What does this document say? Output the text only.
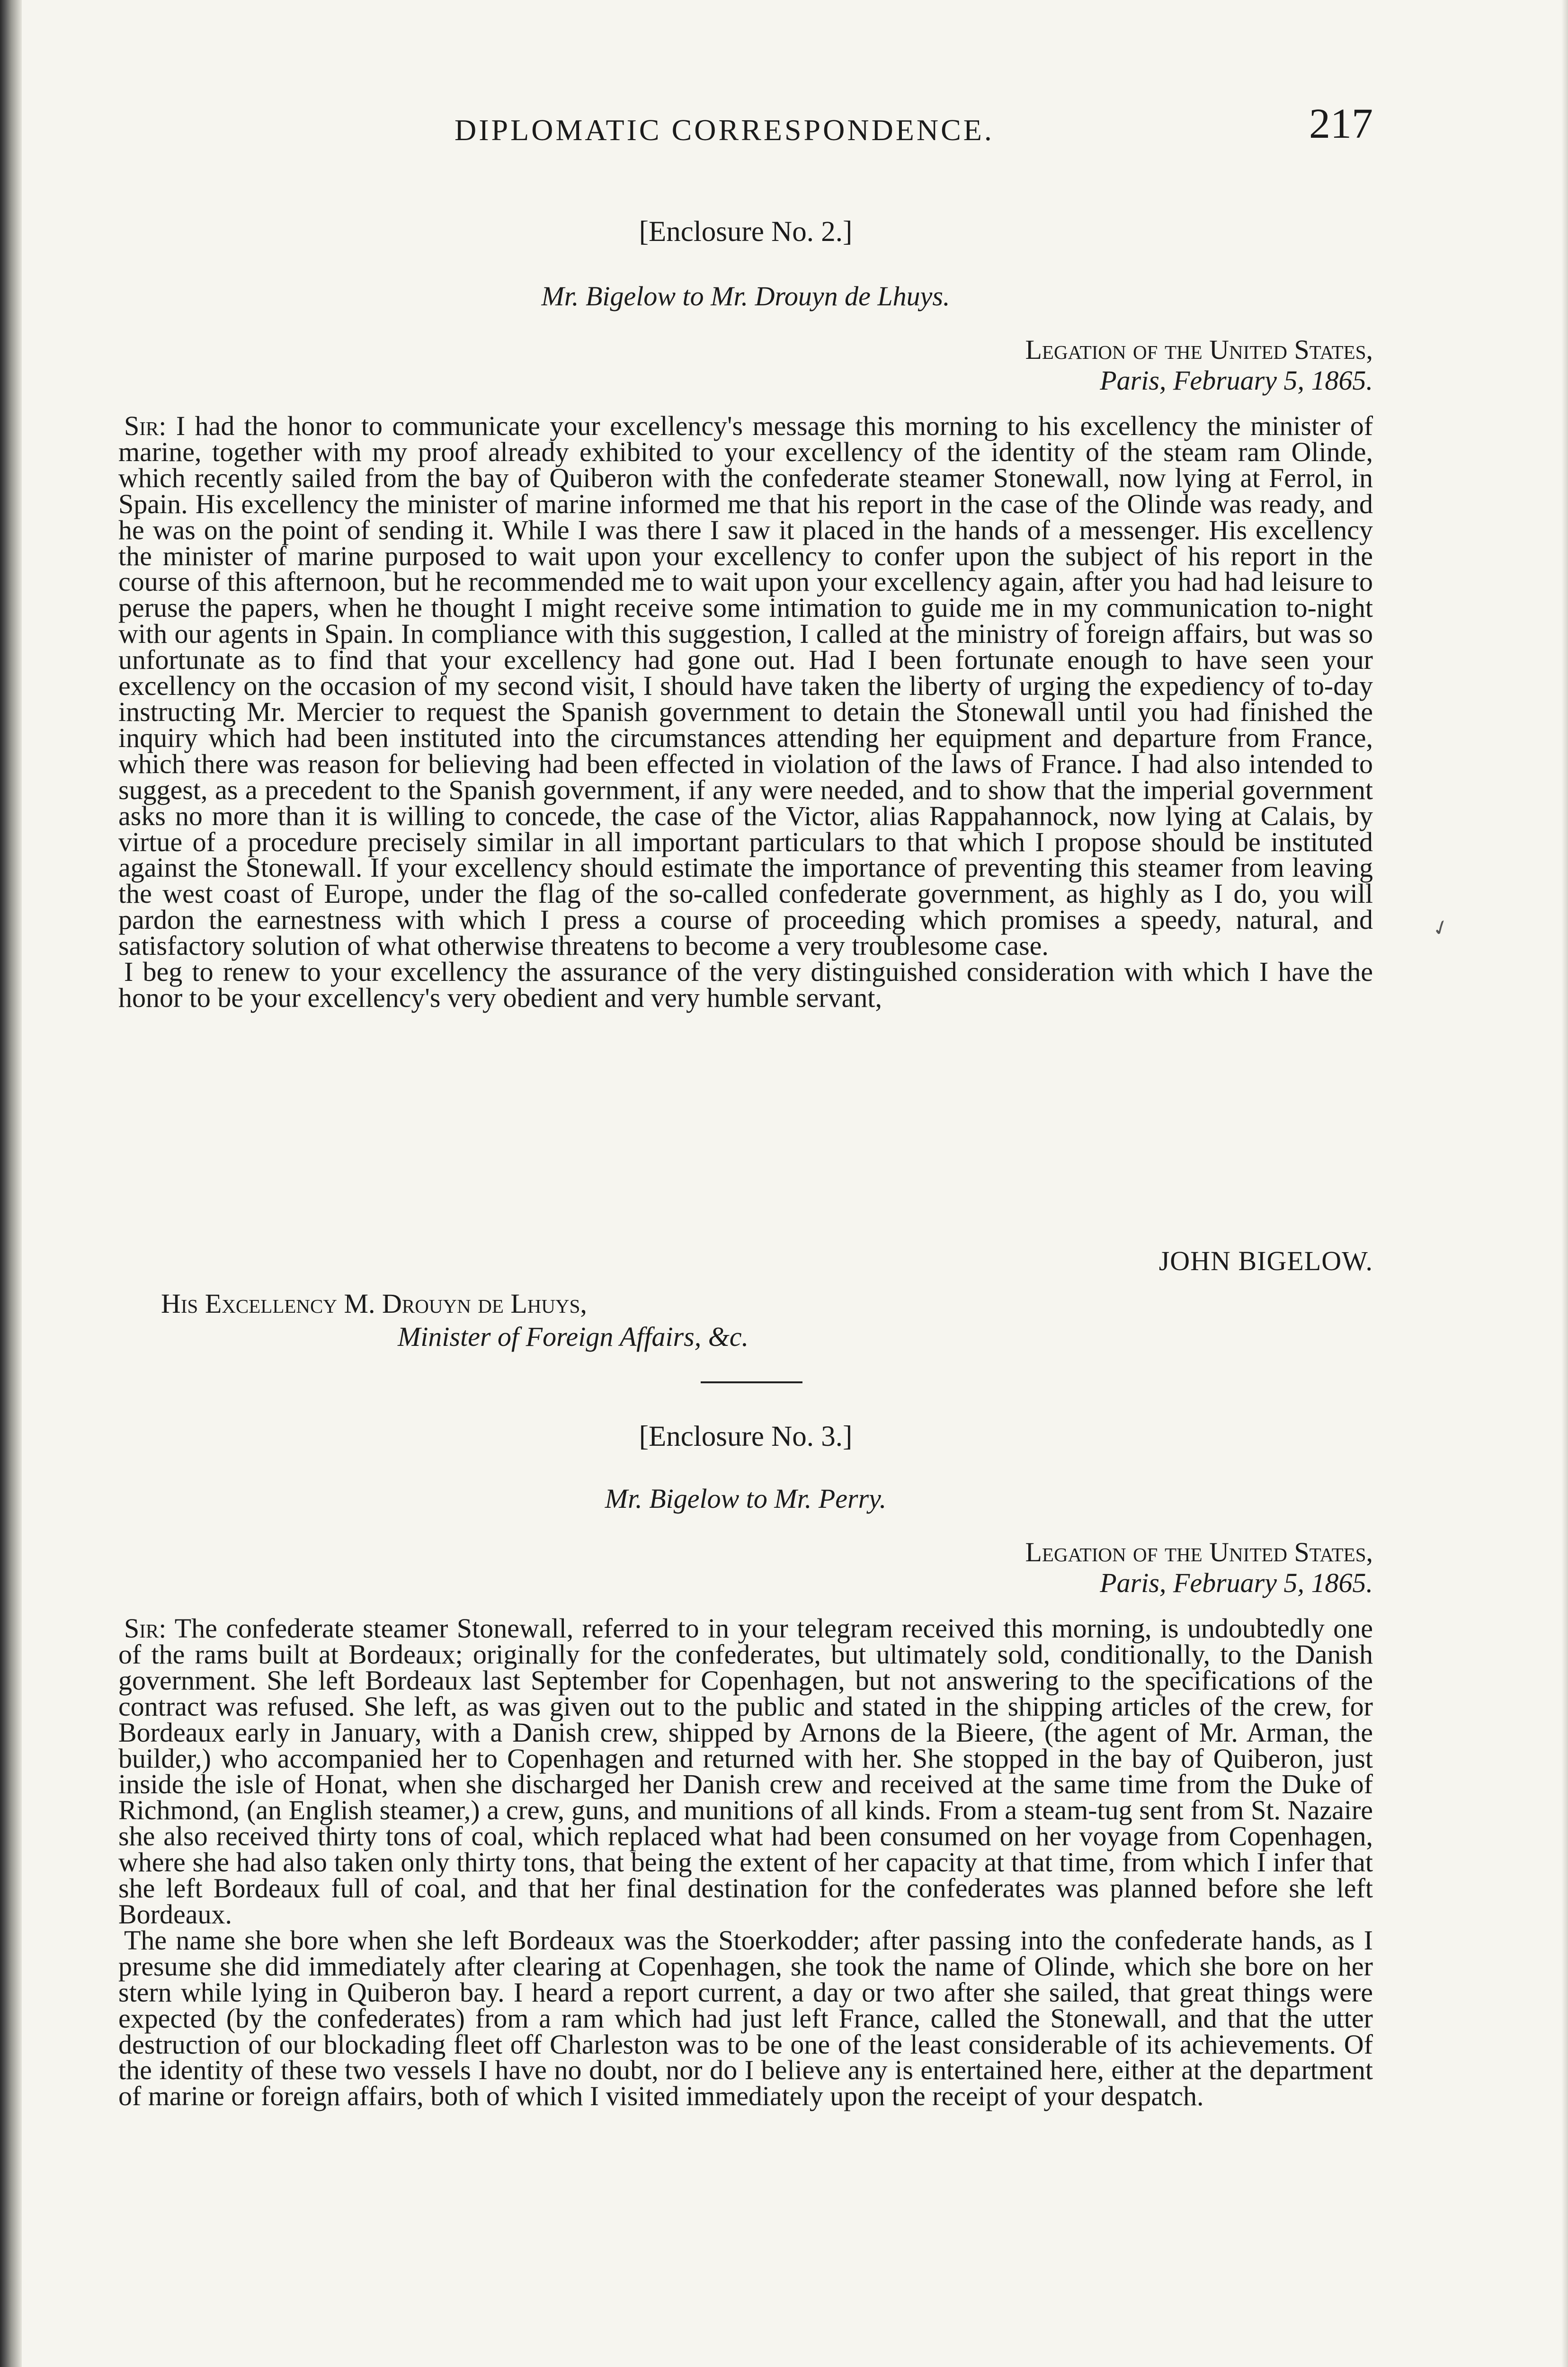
DIPLOMATIC CORRESPONDENCE.	217
[Enclosure No. 2.]
Mr. Bigelow to Mr. Drouyn de Lhuys.
Legation of the United States,
Paris, February 5, 1865.

Sir: I had the honor to communicate your excellency's message this morning to his excellency the minister of marine, together with my proof already exhibited to your excellency of the identity of the steam ram Olinde, which recently sailed from the bay of Quiberon with the confederate steamer Stonewall, now lying at Ferrol, in Spain. His excellency the minister of marine informed me that his report in the case of the Olinde was ready, and he was on the point of sending it. While I was there I saw it placed in the hands of a messenger. His excellency the minister of marine purposed to wait upon your excellency to confer upon the subject of his report in the course of this afternoon, but he recommended me to wait upon your excellency again, after you had had leisure to peruse the papers, when he thought I might receive some intimation to guide me in my communication to-night with our agents in Spain. In compliance with this suggestion, I called at the ministry of foreign affairs, but was so unfortunate as to find that your excellency had gone out. Had I been fortunate enough to have seen your excellency on the occasion of my second visit, I should have taken the liberty of urging the expediency of to-day instructing Mr. Mercier to request the Spanish government to detain the Stonewall until you had finished the inquiry which had been instituted into the circumstances attending her equipment and departure from France, which there was reason for believing had been effected in violation of the laws of France. I had also intended to suggest, as a precedent to the Spanish government, if any were needed, and to show that the imperial government asks no more than it is willing to concede, the case of the Victor, alias Rappahannock, now lying at Calais, by virtue of a procedure precisely similar in all important particulars to that which I propose should be instituted against the Stonewall. If your excellency should estimate the importance of preventing this steamer from leaving the west coast of Europe, under the flag of the so-called confederate government, as highly as I do, you will pardon the earnestness with which I press a course of proceeding which promises a speedy, natural, and satisfactory solution of what otherwise threatens to become a very troublesome case.

I beg to renew to your excellency the assurance of the very distinguished consideration with which I have the honor to be your excellency's very obedient and very humble servant,

JOHN BIGELOW.
His Excellency M. Drouyn de Lhuys,
Minister of Foreign Affairs, &c.
[Enclosure No. 3.]
Mr. Bigelow to Mr. Perry.
Legation of the United States,
Paris, February 5, 1865.

Sir: The confederate steamer Stonewall, referred to in your telegram received this morning, is undoubtedly one of the rams built at Bordeaux; originally for the confederates, but ultimately sold, conditionally, to the Danish government. She left Bordeaux last September for Copenhagen, but not answering to the specifications of the contract was refused. She left, as was given out to the public and stated in the shipping articles of the crew, for Bordeaux early in January, with a Danish crew, shipped by Arnons de la Bieere, (the agent of Mr. Arman, the builder,) who accompanied her to Copenhagen and returned with her. She stopped in the bay of Quiberon, just inside the isle of Honat, when she discharged her Danish crew and received at the same time from the Duke of Richmond, (an English steamer,) a crew, guns, and munitions of all kinds. From a steam-tug sent from St. Nazaire she also received thirty tons of coal, which replaced what had been consumed on her voyage from Copenhagen, where she had also taken only thirty tons, that being the extent of her capacity at that time, from which I infer that she left Bordeaux full of coal, and that her final destination for the confederates was planned before she left Bordeaux.

The name she bore when she left Bordeaux was the Stoerkodder; after passing into the confederate hands, as I presume she did immediately after clearing at Copenhagen, she took the name of Olinde, which she bore on her stern while lying in Quiberon bay. I heard a report current, a day or two after she sailed, that great things were expected (by the confederates) from a ram which had just left France, called the Stonewall, and that the utter destruction of our blockading fleet off Charleston was to be one of the least considerable of its achievements. Of the identity of these two vessels I have no doubt, nor do I believe any is entertained here, either at the department of marine or foreign affairs, both of which I visited immediately upon the receipt of your despatch.

✓
